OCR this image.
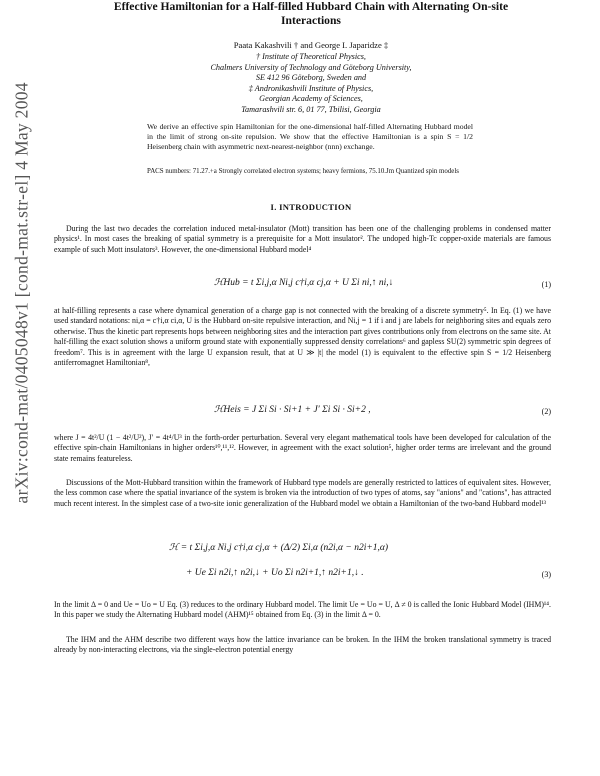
arXiv:cond-mat/0405048v1 [cond-mat.str-el] 4 May 2004
Effective Hamiltonian for a Half-filled Hubbard Chain with Alternating On-site
Interactions
Paata Kakashvili † and George I. Japaridze ‡
† Institute of Theoretical Physics,
Chalmers University of Technology and Göteborg University,
SE 412 96 Göteborg, Sweden and
‡ Andronikashvili Institute of Physics,
Georgian Academy of Sciences,
Tamarashvili str. 6, 01 77, Tbilisi, Georgia
We derive an effective spin Hamiltonian for the one-dimensional half-filled Alternating Hubbard model in the limit of strong on-site repulsion. We show that the effective Hamiltonian is a spin S = 1/2 Heisenberg chain with asymmetric next-nearest-neighbor (nnn) exchange.
PACS numbers: 71.27.+a Strongly correlated electron systems; heavy fermions, 75.10.Jm Quantized spin models
I. INTRODUCTION
During the last two decades the correlation induced metal-insulator (Mott) transition has been one of the challenging problems in condensed matter physics¹. In most cases the breaking of spatial symmetry is a prerequisite for a Mott insulator². The undoped high-Tc copper-oxide materials are famous example of such Mott insulators³. However, the one-dimensional Hubbard model⁴
ℋHub = t Σi,j,α Ni,j c†i,α cj,α + U Σi ni,↑ ni,↓	(1)
at half-filling represents a case where dynamical generation of a charge gap is not connected with the breaking of a discrete symmetry⁵. In Eq. (1) we have used standard notations: ni,α = c†i,α ci,α, U is the Hubbard on-site repulsive interaction, and Ni,j = 1 if i and j are labels for neighboring sites and equals zero otherwise. Thus the kinetic part represents hops between neighboring sites and the interaction part gives contributions only from electrons on the same site. At half-filling the exact solution shows a uniform ground state with exponentially suppressed density correlations⁶ and gapless SU(2) symmetric spin degrees of freedom⁷. This is in agreement with the large U expansion result, that at U ≫ |t| the model (1) is equivalent to the effective spin S = 1/2 Heisenberg antiferromagnet Hamiltonian⁸,
ℋHeis = J Σi Si · Si+1 + J′ Σi Si · Si+2 ,	(2)
where J = 4t²/U (1 − 4t²/U²), J′ = 4t⁴/U³ in the forth-order perturbation. Several very elegant mathematical tools have been developed for calculation of the effective spin-chain Hamiltonians in higher orders¹⁰,¹¹,¹². However, in agreement with the exact solution⁵, higher order terms are irrelevant and the ground state remains featureless.
Discussions of the Mott-Hubbard transition within the framework of Hubbard type models are generally restricted to lattices of equivalent sites. However, the less common case where the spatial invariance of the system is broken via the introduction of two types of atoms, say "anions" and "cations", has attracted much recent interest. In the simplest case of a two-site ionic generalization of the Hubbard model we obtain a Hamiltonian of the two-band Hubbard model¹³
ℋ = t Σi,j,α Ni,j c†i,α cj,α + (Δ/2) Σi,α (n2i,α − n2i+1,α)
+ Ue Σi n2i,↑ n2i,↓ + Uo Σi n2i+1,↑ n2i+1,↓ .	(3)
In the limit Δ = 0 and Ue = Uo = U Eq. (3) reduces to the ordinary Hubbard model. The limit Ue = Uo = U, Δ ≠ 0 is called the Ionic Hubbard Model (IHM)¹⁴. In this paper we study the Alternating Hubbard model (AHM)¹⁵ obtained from Eq. (3) in the limit Δ = 0.
The IHM and the AHM describe two different ways how the lattice invariance can be broken. In the IHM the broken translational symmetry is traced already by non-interacting electrons, via the single-electron potential energy
